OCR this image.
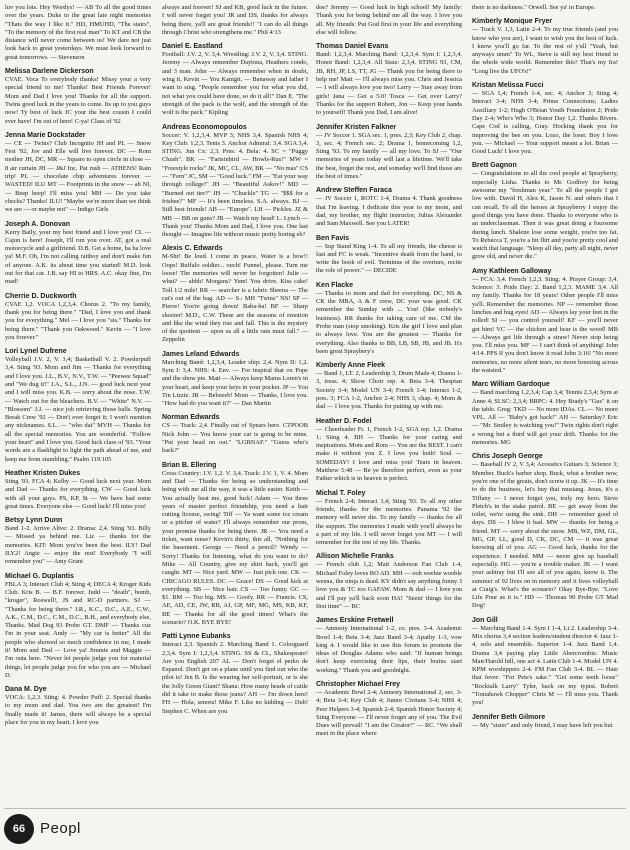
luv you lots. Hey Wordys! — AB To all the good times over the years. Duke to the great late night memories "Thats the way I like it." HD, HMUHD, "The stairs", "To the memory of the first real man" To KT and CB the distance will never come between us! We dare not just look back to great yesterdays. We must look forward to great tomorrows. — Stevenson

Melissa Darlene Dickerson
CVAE. Voca To everybody thanks! Missy your a very special friend to me! Thanks! Best Friends Forever! Mom and Dad I love you! Thanks for all the support. Twins good luck in the years to come. Its up to you guys now! Ty best of luck JC your the best cousin I could ever have! I'm out of here! C-ya! Class of '92
Jenna Marie Dockstader
— CE — Twins? Club Incognito JH and PL — Snow Fest '92, Jov and Elle will live forever. DC — Rom mother JH, DC, MR — Square to open circle in close — 8 air curtain JH — J&J Inc. Pat rush — ATHENS! Rain trip! PL — chocolate chip adventures forever — WASTED! ILU MT — Footprints in the snow — ah NI, — Beep beep! I'll miss you! MH — Do you take checks? Thanks! ILU! "Maybe we're more than we think we are — or maybe not" — Indigo Girls
Joseph A. Donovan
Kerry Baily, your my best friend and I love you! CL — Cajun is here! Joseph, I'll run you over. AT, got a real motorcycle and a girlfriend. D.B. Get a home, ha ha love ya! M.F. Oh, I'm not calling raitboy and don't make fun of anyone. A.K. its about time you started! M.D. look out for that car. J.B. say HI to HRS. A.C. okay fine, I'm mad!
Cherrie D. Duckworth
CVAE 1,2. VOCA 1,2,3,4. Chorus 2. "To my family, thank you for being there." "Dad, I love you and thank you for everything." Mel — I love you "sis." Thanks for being there." "Thank you Oakwood." Kevin — "I love you forever."
Lori Lynel Dufrene
Volleyball J.V. 2, V. 3,4; Basketball V. 2. Powderpuff 3,4. Sting '93. Mom and Jim — Thanks for everything and I love you. J.L., B.V., N.V., T.W. — "Peewee Squad" and "We dug it!" J.A., S.L., J.N. — good luck next year and I will miss you. K.B. — sorry about the nose. T.W. — Watch out for the bleachers. B.V. — "White" N.V. — "Blossom" J.J. — nice job retrieving those balls. Spring Break Crew '92 — Don't ever forget it; I won't mention any nicknames. S.L. — "who dat" MVH — Thanks for all the special memories. You are wonderful. "Follow your heart" and I love you. Good luck class of '93. "Your words are a flashlight to light the path ahead of me, and keep me from stumbling." Psalm 119:105
Heather Kristen Dukes
Sting '93. FCA 4; Kelby — Good luck next year. Mom and Dad — Thanks for everything. CW — Good luck with all your guys. PS, KP, St — We have had some great times. Everyone else — Good luck! I'll miss you!
Betsy Lynn Dunn
Band 1-2. Arrive Alive: 2. Drama: 2,4. Sting '93. Billy — Missed ya behind me. Liz — thanks for the memories. KIT: Mom you've been the best. ILY! Dad ILY2! Angie — enjoy the rest! Everybody "I will remember you" — Amy Grant
Michael G. Duplantis
FBLA 3; Interact Club 4; Sting 4; DECA 4; Kroger Kids Club. Kris B. — B.F. forever. Judd — "death", bomb, "kroger", Roswell!, JS and RC-D partners. SJ — "Thanks for being there." J.R., K.C., D.C., A.E., C.W., A.K., C.M., D.C., C.M., D.C., B.H., and everybody else, Thanks. Mad Dog 93 Probe GT. DMF — Thanks cuz I'm in your seat. Andy — "My car is better" All the people who showed so much confidence in me, I made it! Mom and Dad — Love ya! Jimmie and Maggie — I'm outa here. "Never let people judge you for material things, let people judge you for who you are — Michael D.
Dana M. Dye
VOCA: 1,2,3. Sting: 4. Powder Puff: 2. Special thanks to my mom and dad. You two are the greatest! I'm finally made it! James, there will always be a special place for you in my heart. I love you

always and forever! SJ and KB, good luck in the future. I will never forget you! JR and DS, thanks for always being there, ya'll are great friends!! "I can do all things through Christ who strengthens me." Phil 4:13

Daniel E. Eastland
Football: J.V. 2, V. 3,4. Wrestling: J.V. 2, V. 3,4. STING. Jeremy — Always remember Daytona, Heathers condo, and 3 man. John — Always remember when in doubt, wing it. Kevin — You Kanigit. — Banaway and father I want to sing. "People remember you for what you did, not what you could have done, so do it all!" Dan E. "The strength of the pack is the wolf, and the strength of the wolf is the pack." Kipling
Andreas Economopoulos
Soccer: V. 1,2,3,4. MVP 3; NHS 3,4. Spanish NHS 4; Key Club: 1,2,3. Tenis 3. Anchor Admiral: 3,4. SGA 3,4. STING. Jun Cx: 2,3. Pres: 4. Bela: 4. SC = "Puggy Chush". BK — "Fartsinbird — Howls-Rus!" MW = "Freestyle rocks" JK, MC, CL, AW, BK — "No mas" CS — "Fern" JC, SM — "Good luck." FM — "Eat your way through college!" JH — "Beautiful Askov!" MD — "Burned out tire?" JH — "Chuckle" TG — "$$$ for a frisbee?" MF — It's been timeless. S.A. always. BJ — Still best friends! AB — "Europe". LH — Pickles. JZ & MB — BB on guns? JB — Watch my head! L. Lynch — Thank you! Thanks Mom and Dad, I love you. One last thought — Imagine life without music pretty boring eh?
Alexis C. Edwards
M-Shr! Be loud. I come in peace. Water is a bow!! Oops! Buffalo soldier... ouch! Funnel, please. Turn me loose! The memories will never be forgotten! Julie — what? — ahhh! Morgans? Yum! You drive. Kiss cake! Toll 1/2 mile! RR — searcher is a fabric Sheena — The cat's out of the bag. AD — S.: MH "Twins" NS! SP — Pierre! You're going down! Baba-ha! BF — Sharp shooter! M.D., C.W. These are the seasons of emotion and like the wind they rise and fall. This is the mystery of the quotient — upon us all a little rain must fall." — Zeppelin
James Leland Edwards
Marching Band: 1,2,3,4, Leader ship: 2,4. Nym II: 1,2. Sym I: 3,4. NHS: 4. Env. — For inspiral that ox Pope and the show pie. Matt — Always keep Mama Loren's in your heart, and keep your keys in your pocket. JP — You Tin Lizzie. JB — Bebeeeb! Mom — Thanks, I love you. "How bad do you want it?" — Dan Martin
Norman Edwards
CS — Track: 2,4. Finally out of Spears here. CTPOOB Nick John — You know your car is going to be mine. "Put your head on out." "LGBNAF." "Guess who's back?"
Brian B. Ellering
Cross Country: J.V. 1,2. V. 3,4. Track: J.V. 1, V. 4. Mom and Dad — Thanks for being so understanding and being with me all the way, it was a little easier. Keith — You actually beat me, good luck! Adam — You three years of master perfect friendship, you need a hair cutting license, swing! Tiff — Ya want some ice cream or a pitcher of water? I'll always remember our prom, your promise thanks for being there. JR — You need a ticket, want tense? Kevin's thirty, this all, "Nothing for the basement. George — Need a pencil? Wendy — Sorry! Thanks for listening, what do you want to do? Mike — All Country, give my shirt back, you'll get caught. MT — Nice yard. MW — Just pick one. CK — CHICAGO RULES. DC — Grace! DS — Good luck at everything. SB — Nice hair. CS — Too funny. GC — $1. BM — Too big. MS — Goofy. RR — Francis. CS, AE, AD, CE, JW, RB, AJ, GP, MF, MG, MS, KB, KF, BE — Thanks for all the good times! What's the scenario? O.K. BYE BYE!
Patti Lynne Eubanks
Interact 2,3. Spanish 2. Marching Band 1. Colorguard 2,3,4. Sym I: 1,2,3,4. STING. SS & CL, Shakespeare! Are you English 207 AL — Don't forget el perko de Espanol. Don't get on a plane until you find out who the pilot is! Jen B. Is the wearing her self-portrait, or is she the Jolly Green Giant? Shana: How many heads of cattle did it take to make those jeans? AH — I'm down here! FH — Hola, senora! Mike F. Like no kidding — Dub! Stephen C. When are you

doe? Jeremy — Good luck in high school! My family: Thank you for being behind me all the way. I love you all. My friends: Put God first in your life and everything else will follow.

Thomas Daniel Evans
Band: 1,2,3,4. Marching Band: 1,2,3,4. Sym I: 1,2,3,4. Honor Band: 1,2,3,4. All State: 2,3,4. STING 93, CM, JB, RH, JP, LS, TT, JG — Thank you for being there to help me! Matt — I'll always miss you. Chris and Jessica — I will always love you two! Larry — Stay away from girls! Jana — Get a 5.0! Tosca — Get over Larry? Thanks for the support Robert, Jon — Keep your hands to yourself! Thank you Dad, I am alive!
Jennifer Kristen Falkner
— JV Soccer 1. SGA sec. 1, pres. 2,3; Key Club 2, chap. 3, sec. 4; French sec. 2; Drama 1, homecoming 1,2, Sting '93. To my family — all my love. To SJ — "Our memories of years today will last a lifetime. We'll take the best, forget the rest, and someday we'll find those are the best of times."
Andrew Steffen Faraca
— JV Soccer 1, ROTC 1-4, Drama 4. Thank goodness that I'm leaving. I dedicate this year to my mom, and dad, my brother, my flight instructor, Julius Alexander and Sam Maxwell. See you LATER!
Ben Favis
— Sup Stand King 1-4. To all my friends, the cheese is fast and FC is weak. "Incentive death from the hand, to write the book of evil. Terminus of the overture, recite the role of power." — DECIDE
Ken Flacke
— Thanks to mom and dad for everything. DC, NS & CK the MBA, A & F crew, DC your was good. CK remember the Sunday with ... You! (like nobody's business). RR thanks for taking care of me. CM the Probe man (stop smoking). Kris the girl I love and plan to always love. You are the greatest — Thanks for everything. Also thanks to BB, LB, SB, JB, and JB. It's been great Spraybery's
Kimberly Anne Fleek
— Band 1, LT. 2, Leadership 3, Drum Made 4; Drama 1-3, treas. 4; Show Choir rep. 4. Beta 3-4; Thespian Society 3-4; Model UN 3-4; French 1-4; Interact 1-2, pres. 3; FCA 1-2, Anchor 2-4; NHS 3, chap. 4; Mom & dad — I love you. Thanks for putting up with me.
Heather D. Fodel
— Cheerleader Fr. 1, French 1-2, SGA rep. 1,2. Drama 1; Sting 4. BH — Thanks for your caring and inspirations. Mom and Rom — You are the BEST. I can't make it without you Z. I love you both! Soul — SOMEDAY! I love and miss you! Tears in heaven. Matthew 5:48 — Be ye therefore perfect, even as your Father which is in heaven is perfect.
Michal T. Foley
— French 2-4; Interact 3,4; Sting '93. To all my other friends, thanks for the memories. Panama '92 the memory will never die. To my family — thanks for all the support. The memories I made with you'll always be a part of my life. I will never forget you MT — I will remember for the rest of my life. Thanks.
Allison Michelle Franks
— French club 1,2; Matt Anderson Fan Club 1-4, Michael Foley loves BO AD. MH — ooh weebie wooble weena, the ninja is dead. KY didn't say anything funny. I love you & TC too GAFAW. Mom & dad — I love you and I'll pay ya'll back soon HA! "Seein' things for the first time" — BC
James Erskine Fretwell
— Amnesty International 1-2, co. pres. 3-4. Academic Bowl 1-4; Beta 3-4; Jazz Band 3-4; Apathy 1-3, vow king 4. I would like to use this forum to promote the ideas of Douglas Adams who said: "If human beings don't keep exercising their lips, their brains start working." Thank you and goodnight.
Christopher Michael Frey
— Academic Bowl 2-4; Amnesty International 2, sec. 3-4; Beta 3-4; Key Club 4; Junior Civitans 3-4; NHS 4; Peer Helpers 3-4; Spanish 2-4; Spanish Honor Society 4; Sting Everyone — I'll never forget any of you. The Evil Dues will prevail! "I am the Creator!" — RC. "We shall meet in the place where

there is no darkness." Orwell. See ya' in Europe.

Kimberly Monique Fryer
— Track V. 1,3, Latin 2-4. To my true friends (and you know who you are), I want to wish you the best of luck. I know you'll go far. To the rest of y'all "Yeah, but anyways umm" To WL, Steve is still my best friend in the whole wide world. Remember this? That's my Ira! "Long live the UFO's!"
Kristan Melissa Fucci
— SGA 1,4; French 1-4, sec. 4; Anchor 3; Sting 4; Interact 3-4; NHS 3-4; Prime Connections; Ladies Auxiliary 1-2; Hugh O'Brian Youth Foundation 2; Pride Day 2-4; Who's Who 3; Honor Day 1,2. Thanks Rivers. Cape Cod is calling, Gray. Hocking thank you for improving the bee on you. Lozo, the loser. Boy I love you. — Michael — Your support meant a lot. Brian — Good Luck! I love you.
Brett Gagnon
— Congratulations to all the cool people at Sprayberry, especially Lisha. Thanks to Mr. Godfrey for being awesome my "freshman year." To all the people I got low with. David H, Alex K, Jason N. and others that I can recall. To all the heroes at Sprayberry I enjoy the good things you have done. Thanks to everyone who is an underclassman. Then it was great doing a foursome during lunch. Shalene lose some weight, you're too fat. To Rebecca T, you're a bit flirt and you're pretty cool and watch that language. "Sleep all day, party all night, never grow old, and never die."
Amy Kathleen Galloway
— FCA: 3,4. French 1,2,3. Sting: 4. Prayer Group: 3,4. Science: 3. Pride Day: 2. Band 1,2,3. MAME 3,4. All my family. Thanks for 18 years! Other people I'll miss ya'll. Remember the memories. NP — remember those lunches and bug eyes! AD — Always lay your feet in the rolled! SI — you control yourself! KF — you'll never get him! VC — the chicken and bear is the wood! MB — Always get life through a straw! Never stop being you. I'll miss you. MF — I can't think of anything! John 4:14. PPS If you don't know it read John 3:16! "No more memories, no more silent tears, no more breezing across the waisted."
Marc William Gardoque
— Band marching 1,2,3,4; Cap 3,4; Tennis 2,3,4; Sym at Anne 4; SLSC: 2,3,4; BRPC: 4. Hey Brady's "Gus" it on the table. Greg: TKD — No more IDAs. CL — No more VPL. All — "Baby's got back!" AH — Saturday? Eric — "Mr. Smiley is watching you!" Twin rights don't right a wrong but a third will get your drift. Thanks for the memories. MG
Chris Joseph George
— Baseball JV 2, V 3,4; Acoustics Guitars 3; Science 3; Member. Buck's barber shop. Buck, what a brother now, you're one of the greats, don't screw it up. JK — It's time to do the business, let's buy that mustang. Jesus, it's a Tiffany — I never forget you, truly my hero. Steve Pletch's in the stake patrol. BE — get away from the toilet, we're using the sink. DH — remember good ol days. DS — I blew it bad. MW — thanks for being a friend. MT — sorry about the snow. MB, WZ, DM, GL, MG, GP, LL, good D, CK, DC, CM — it was great knowing all of you. AG — Good luck, thanks for the experience. I needed. MM — never give up baseball especially. HG — you're a trouble maker. JK — I want your ashtray but I'll see all of you again, know it. The summer of 92 lives on in memory and it lives volleyball at Craig's. What's the scenario? Okay Bye-Bye. "Love Life Pour as it is." HD — Thoreau 90 Probe GT Mad Dog!
Jon Gill
— Marching Band 1-4. Sym I 1-4, Lt 2. Leadership 3-4. Mix chorus 3,4 section leaders/student director 4. Jazz 1-4, solo and ensemble. Superior 1-4. Jazz Band 1,4. Drama 3,4 paying play Little Abercrombie. Music Man/Harold hill, one act 4. Latin Club 1-4. Model UN 4. KPM worshippers 2-4. FM Fan Club 3-4. BL — Hate that fever: "For Pete's sake." "Get some teeth loose" "Rocktalk Larry" Tyler, back on my typist. Robert "Tomahawk Chopper" Chris M — I'll miss you. Thank you!
Jennifer Beth Gilmore
— My "sister" and only friend, I may have left you but
66 Peopl
